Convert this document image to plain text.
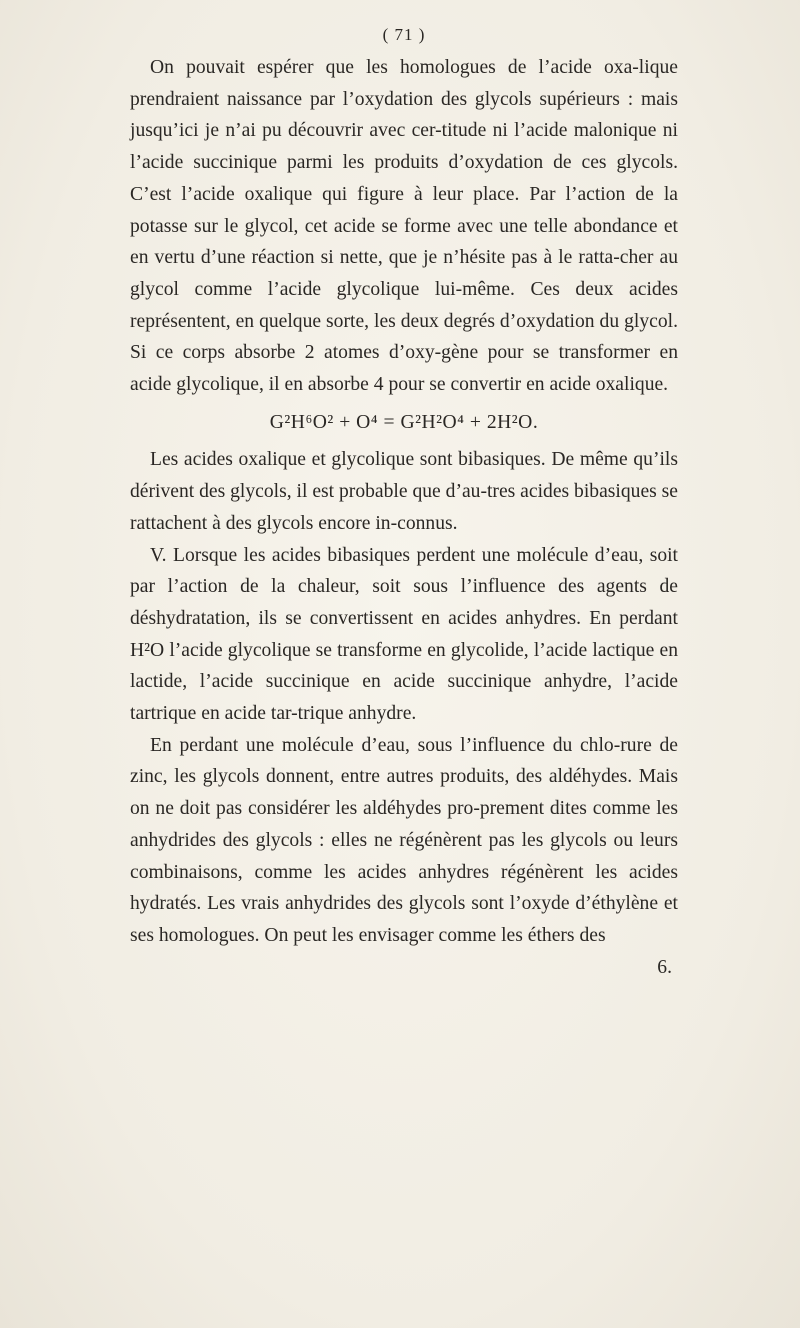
( 71 )

On pouvait espérer que les homologues de l’acide oxa-lique prendraient naissance par l’oxydation des glycols supérieurs : mais jusqu’ici je n’ai pu découvrir avec cer-titude ni l’acide malonique ni l’acide succinique parmi les produits d’oxydation de ces glycols. C’est l’acide oxalique qui figure à leur place. Par l’action de la potasse sur le glycol, cet acide se forme avec une telle abondance et en vertu d’une réaction si nette, que je n’hésite pas à le ratta-cher au glycol comme l’acide glycolique lui-même. Ces deux acides représentent, en quelque sorte, les deux degrés d’oxydation du glycol. Si ce corps absorbe 2 atomes d’oxy-gène pour se transformer en acide glycolique, il en absorbe 4 pour se convertir en acide oxalique.

G²H⁶O² + O⁴ = G²H²O⁴ + 2H²O.

Les acides oxalique et glycolique sont bibasiques. De même qu’ils dérivent des glycols, il est probable que d’au-tres acides bibasiques se rattachent à des glycols encore in-connus.

V. Lorsque les acides bibasiques perdent une molécule d’eau, soit par l’action de la chaleur, soit sous l’influence des agents de déshydratation, ils se convertissent en acides anhydres. En perdant H²O l’acide glycolique se transforme en glycolide, l’acide lactique en lactide, l’acide succinique en acide succinique anhydre, l’acide tartrique en acide tar-trique anhydre.

En perdant une molécule d’eau, sous l’influence du chlo-rure de zinc, les glycols donnent, entre autres produits, des aldéhydes. Mais on ne doit pas considérer les aldéhydes pro-prement dites comme les anhydrides des glycols : elles ne régénèrent pas les glycols ou leurs combinaisons, comme les acides anhydres régénèrent les acides hydratés. Les vrais anhydrides des glycols sont l’oxyde d’éthylène et ses homologues. On peut les envisager comme les éthers des

6.
